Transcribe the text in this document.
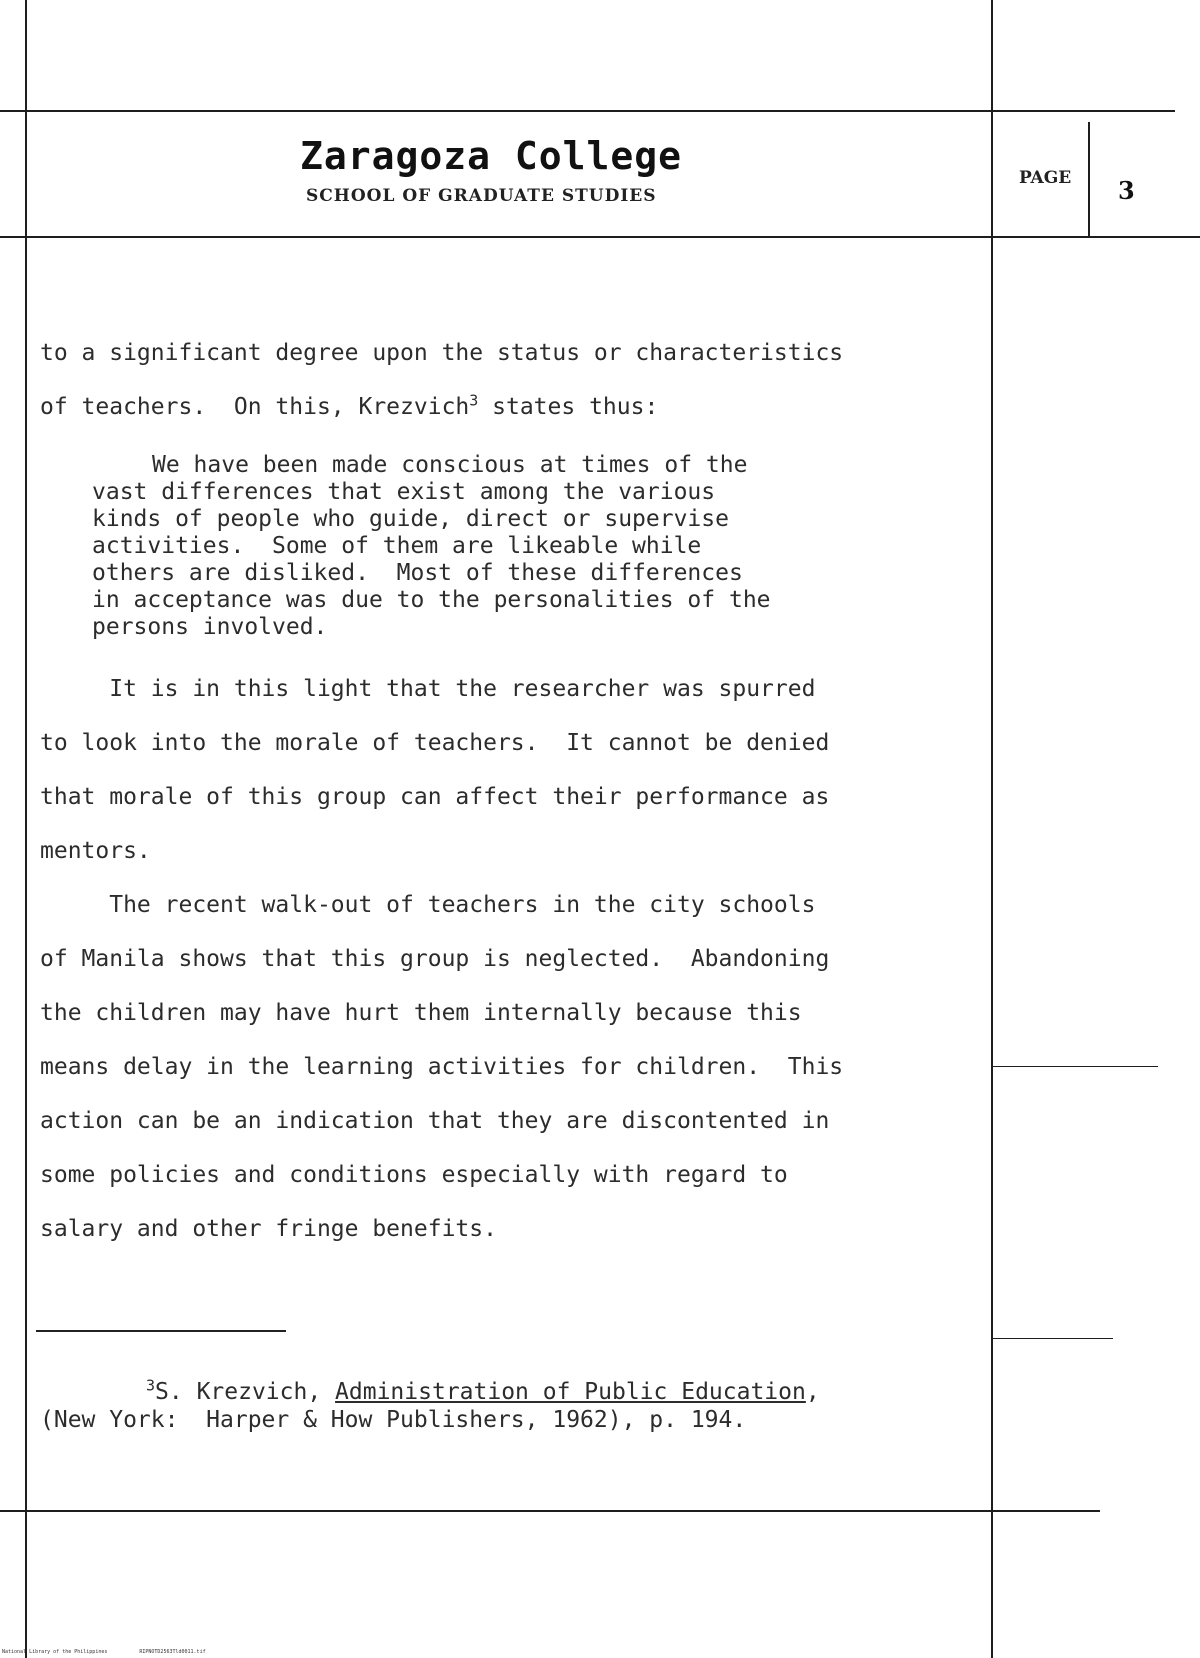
Zaragoza College
SCHOOL OF GRADUATE STUDIES
PAGE 3

to a significant degree upon the status or characteristics

of teachers.  On this, Krezvich$^3$ states thus:

We have been made conscious at times of the
vast differences that exist among the various
kinds of people who guide, direct or supervise
activities.  Some of them are likeable while
others are disliked.  Most of these differences
in acceptance was due to the personalities of the
persons involved.

It is in this light that the researcher was spurred

to look into the morale of teachers.  It cannot be denied

that morale of this group can affect their performance as

mentors.

The recent walk-out of teachers in the city schools

of Manila shows that this group is neglected.  Abandoning

the children may have hurt them internally because this

means delay in the learning activities for children.  This

action can be an indication that they are discontented in

some policies and conditions especially with regard to

salary and other fringe benefits.

$^3$S. Krezvich, Administration of Public Education,
(New York:  Harper & How Publishers, 1962), p. 194.
National Library of the Philippines	RIPNOTD2563Tld0011.tif
